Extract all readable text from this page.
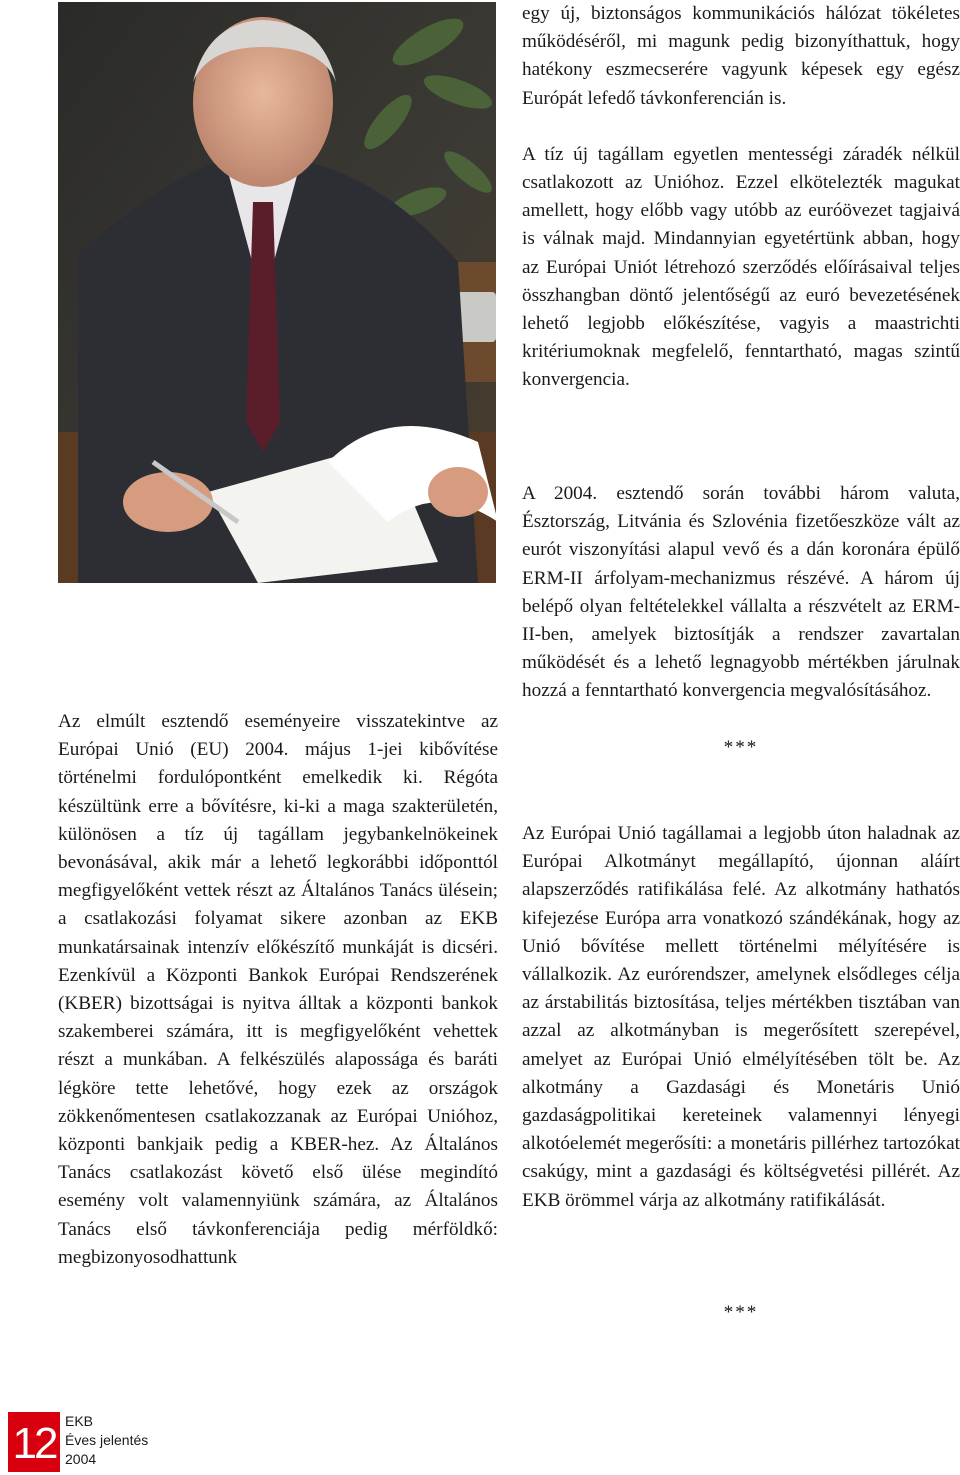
Az elmúlt esztendő eseményeire visszatekintve az Európai Unió (EU) 2004. május 1-jei kibővítése történelmi fordulópontként emelkedik ki. Régóta készültünk erre a bővítésre, ki-ki a maga szakterületén, különösen a tíz új tagállam jegybankelnökeinek bevonásával, akik már a lehető legkorábbi időponttól megfigyelőként vettek részt az Általános Tanács ülésein; a csatlakozási folyamat sikere azonban az EKB munkatársainak intenzív előkészítő munkáját is dicséri. Ezenkívül a Központi Bankok Európai Rendszerének (KBER) bizottságai is nyitva álltak a központi bankok szakemberei számára, itt is megfigyelőként vehettek részt a munkában. A felkészülés alapossága és baráti légköre tette lehetővé, hogy ezek az országok zökkenőmentesen csatlakozzanak az Európai Unióhoz, központi bankjaik pedig a KBER-hez. Az Általános Tanács csatlakozást követő első ülése megindító esemény volt valamennyiünk számára, az Általános Tanács első távkonferenciája pedig mérföldkő: megbizonyosodhattunk

egy új, biztonságos kommunikációs hálózat tökéletes működéséről, mi magunk pedig bizonyíthattuk, hogy hatékony eszmecserére vagyunk képesek egy egész Európát lefedő távkonferencián is.

A tíz új tagállam egyetlen mentességi záradék nélkül csatlakozott az Unióhoz. Ezzel elkötelezték magukat amellett, hogy előbb vagy utóbb az euróövezet tagjaivá is válnak majd. Mindannyian egyetértünk abban, hogy az Európai Uniót létrehozó szerződés előírásaival teljes összhangban döntő jelentőségű az euró bevezetésének lehető legjobb előkészítése, vagyis a maastrichti kritériumoknak megfelelő, fenntartható, magas szintű konvergencia.

A 2004. esztendő során további három valuta, Észtország, Litvánia és Szlovénia fizetőeszköze vált az eurót viszonyítási alapul vevő és a dán koronára épülő ERM-II árfolyam-mechanizmus részévé. A három új belépő olyan feltételekkel vállalta a részvételt az ERM-II-ben, amelyek biztosítják a rendszer zavartalan működését és a lehető legnagyobb mértékben járulnak hozzá a fenntartható konvergencia megvalósításához.

***

Az Európai Unió tagállamai a legjobb úton haladnak az Európai Alkotmányt megállapító, újonnan aláírt alapszerződés ratifikálása felé. Az alkotmány hathatós kifejezése Európa arra vonatkozó szándékának, hogy az Unió bővítése mellett történelmi mélyítésére is vállalkozik. Az eurórendszer, amelynek elsődleges célja az árstabilitás biztosítása, teljes mértékben tisztában van azzal az alkotmányban is megerősített szerepével, amelyet az Európai Unió elmélyítésében tölt be. Az alkotmány a Gazdasági és Monetáris Unió gazdaságpolitikai kereteinek valamennyi lényegi alkotóelemét megerősíti: a monetáris pillérhez tartozókat csakúgy, mint a gazdasági és költségvetési pillérét. Az EKB örömmel várja az alkotmány ratifikálását.

***
12 EKB
Éves jelentés
2004
